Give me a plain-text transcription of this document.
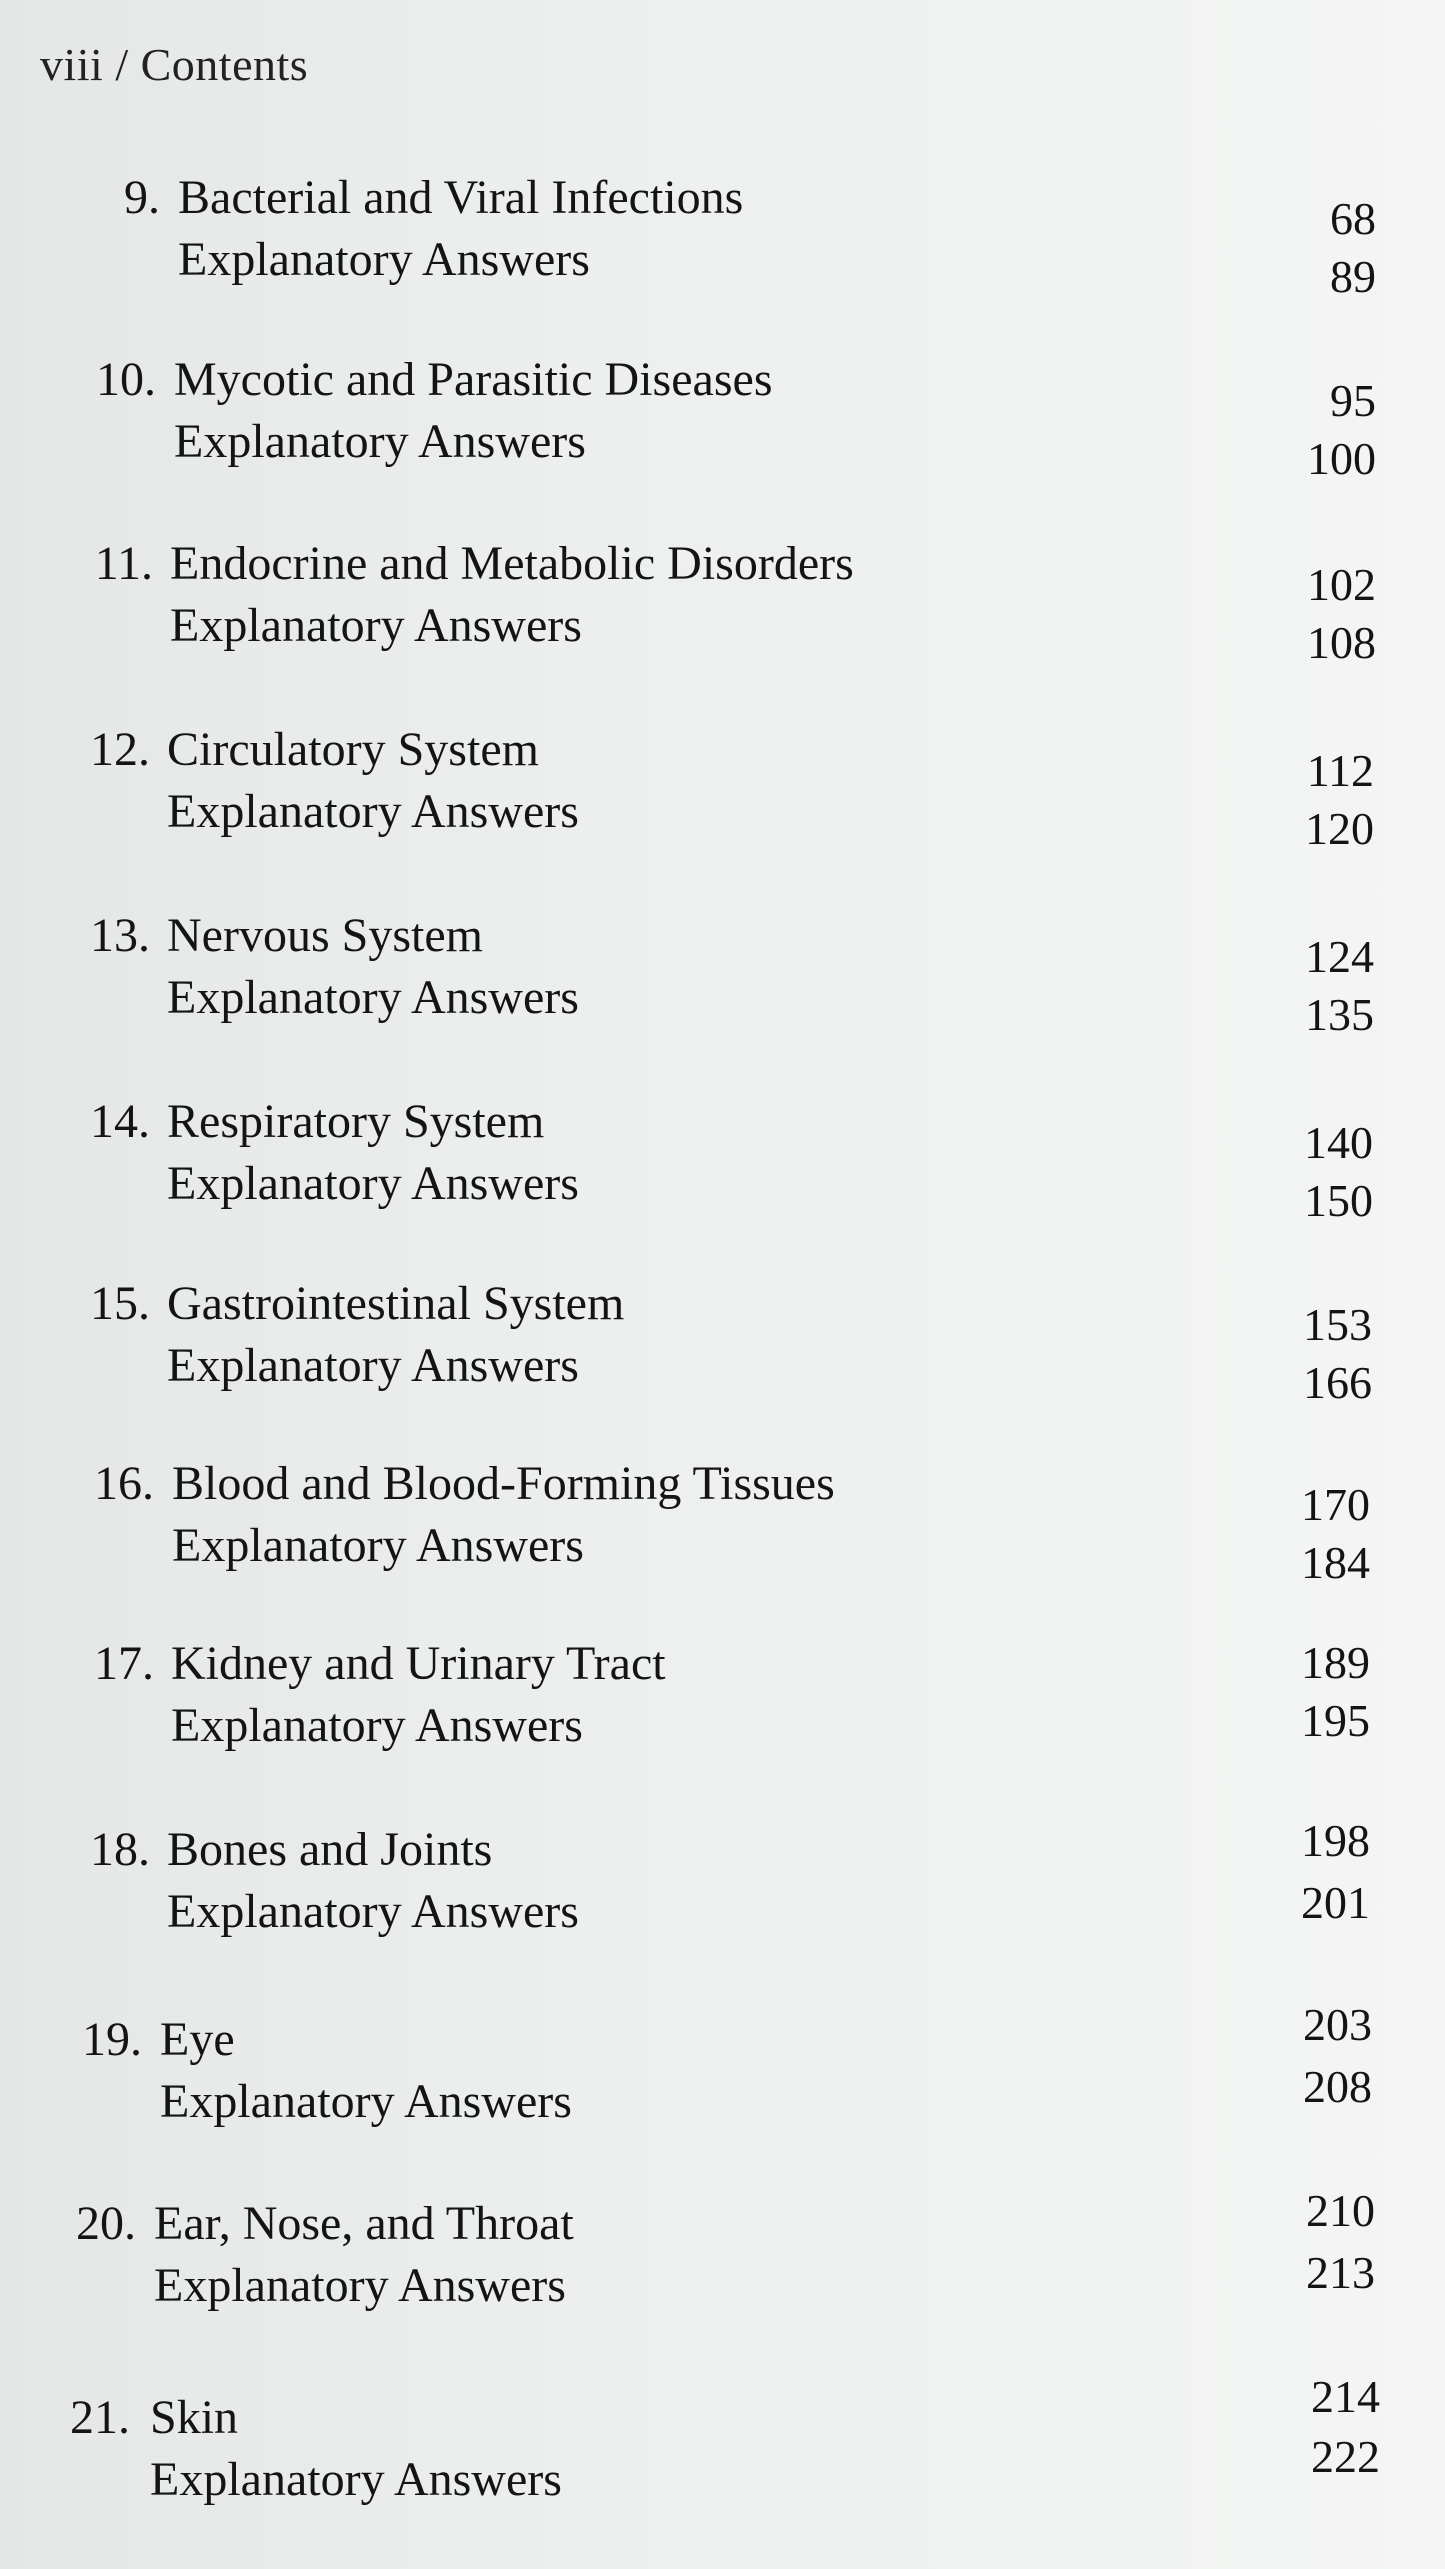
viii / Contents
9. Bacterial and Viral Infections
Explanatory Answers
68
89
10. Mycotic and Parasitic Diseases
Explanatory Answers
95
100
11. Endocrine and Metabolic Disorders
Explanatory Answers
102
108
12. Circulatory System
Explanatory Answers
112
120
13. Nervous System
Explanatory Answers
124
135
14. Respiratory System
Explanatory Answers
140
150
15. Gastrointestinal System
Explanatory Answers
153
166
16. Blood and Blood-Forming Tissues
Explanatory Answers
170
184
17. Kidney and Urinary Tract
Explanatory Answers
189
195
18. Bones and Joints
Explanatory Answers
198
201
19. Eye
Explanatory Answers
203
208
20. Ear, Nose, and Throat
Explanatory Answers
210
213
21. Skin
Explanatory Answers
214
222
